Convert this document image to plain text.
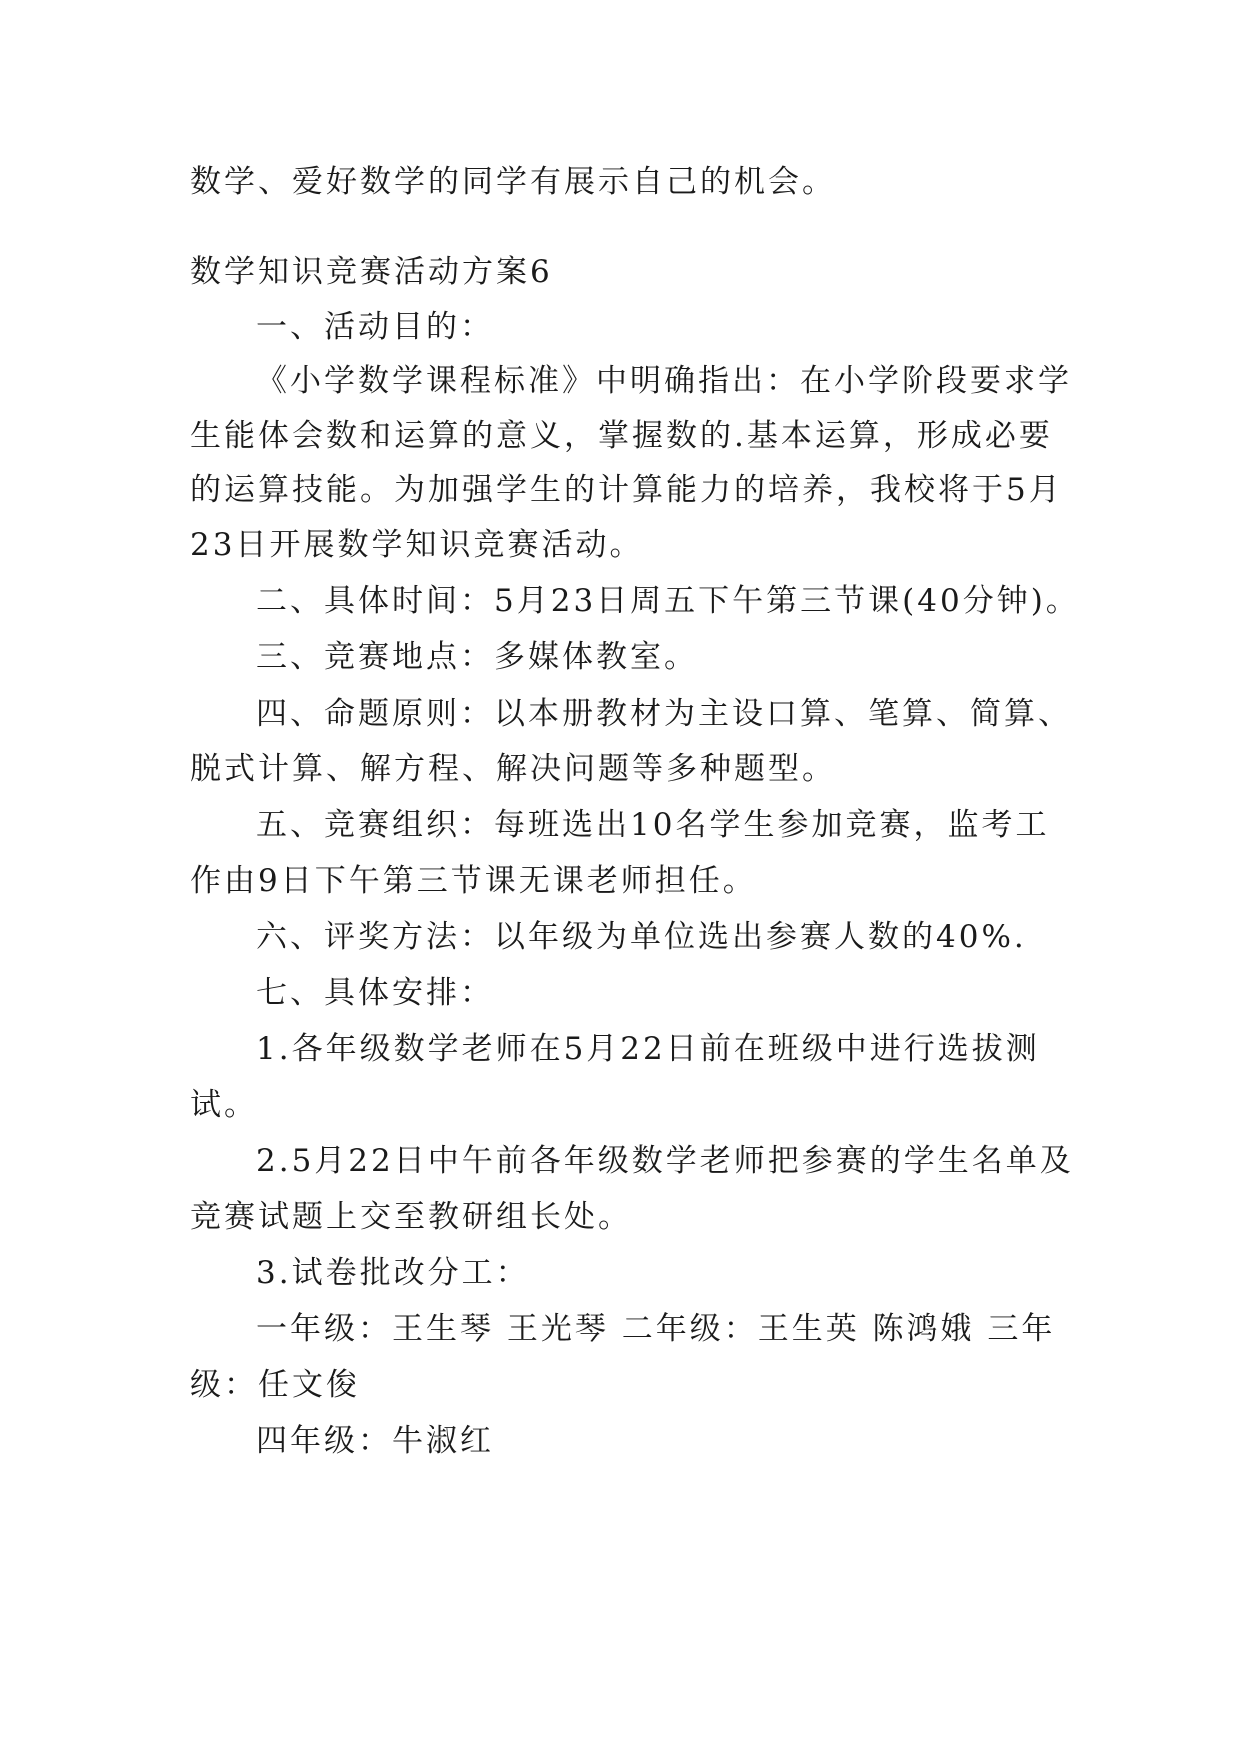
数学、爱好数学的同学有展示自己的机会。
数学知识竞赛活动方案6
一、活动目的：
《小学数学课程标准》中明确指出：在小学阶段要求学
生能体会数和运算的意义，掌握数的.基本运算，形成必要
的运算技能。为加强学生的计算能力的培养，我校将于5月
23日开展数学知识竞赛活动。
二、具体时间：5月23日周五下午第三节课(40分钟)。
三、竞赛地点：多媒体教室。
四、命题原则：以本册教材为主设口算、笔算、简算、
脱式计算、解方程、解决问题等多种题型。
五、竞赛组织：每班选出10名学生参加竞赛，监考工
作由9日下午第三节课无课老师担任。
六、评奖方法：以年级为单位选出参赛人数的40%.
七、具体安排：
1.各年级数学老师在5月22日前在班级中进行选拔测
试。
2.5月22日中午前各年级数学老师把参赛的学生名单及
竞赛试题上交至教研组长处。
3.试卷批改分工：
一年级：王生琴 王光琴 二年级：王生英 陈鸿娥 三年
级：任文俊
四年级：牛淑红
